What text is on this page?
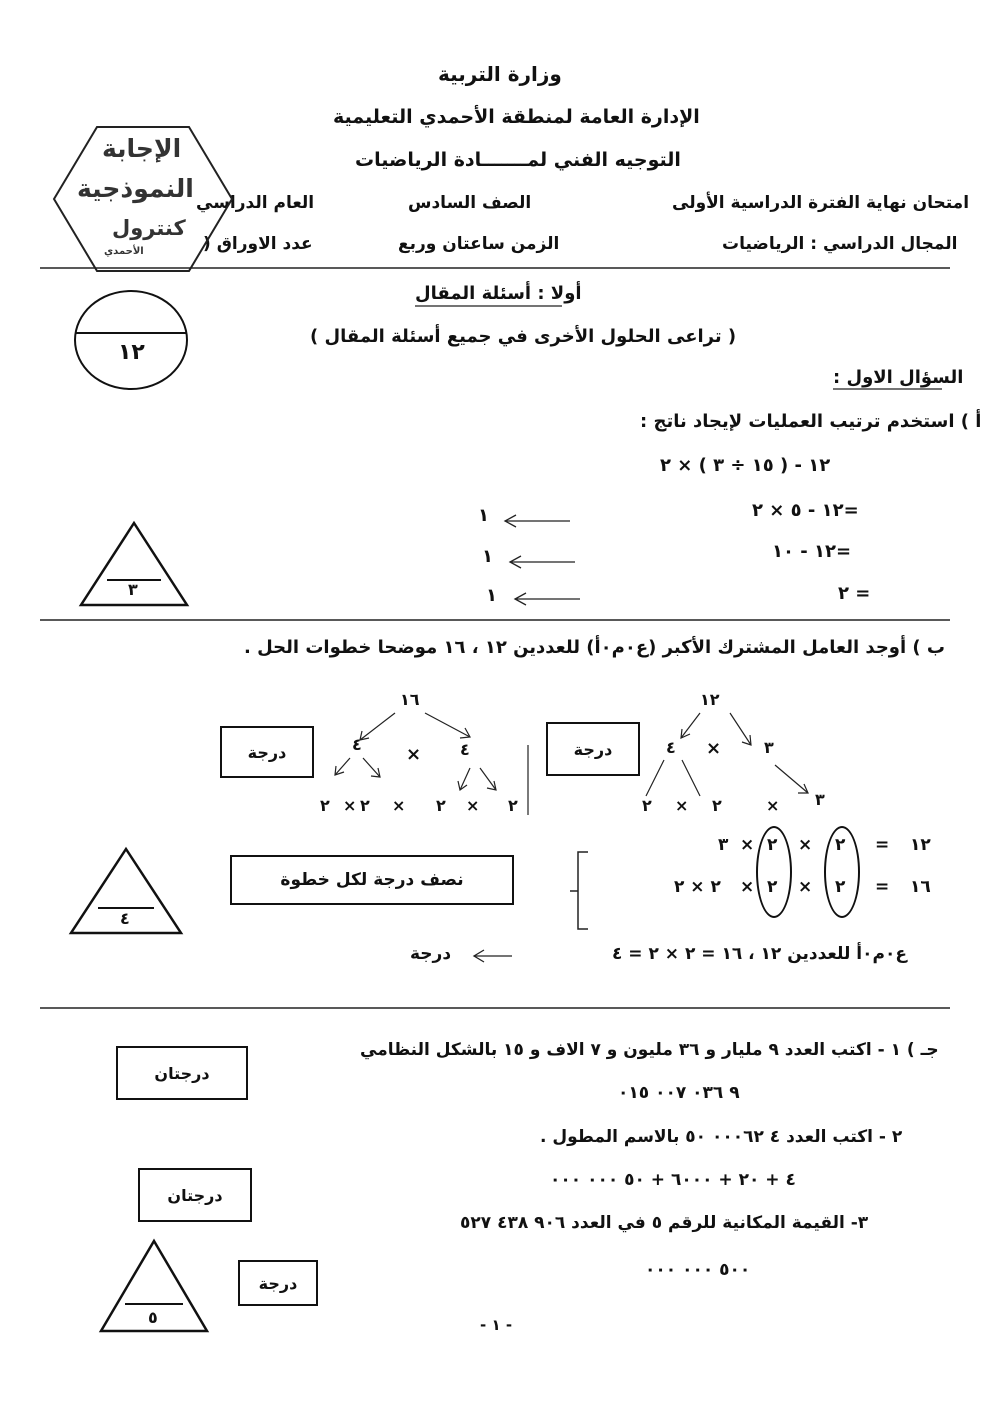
وزارة التربية
الإدارة العامة لمنطقة الأحمدي التعليمية
التوجيه الفني لمـــــــادة الرياضيات
امتحان نهاية الفترة الدراسية الأولى
الصف السادس
العام الدراسي
المجال الدراسي : الرياضيات
الزمن ساعتان وربع
عدد الاوراق (
الإجابة
النموذجية
كنترول
الأحمدي
١٢
أولا : أسئلة المقال
( تراعى الحلول الأخرى في جميع أسئلة المقال )
السؤال الاول :
أ ) استخدم ترتيب العمليات لإيجاد ناتج :
١٢ - ( ١٥ ÷ ٣ ) × ٢
=١٢ - ٥ × ٢
=١٢ - ١٠
= ٢
١
١
١
٣
ب ) أوجد العامل المشترك الأكبر (ع٠م٠أ) للعددين ١٢ ، ١٦ موضحا خطوات الحل .
١٢
٤ ×	٣
٢ × ٢	× ٣
١٦
٤ × ٤
٢ × ٢ × ٢ × ٢
درجة	درجة
١٢
=
٢
×
٢
×
٣
١٦
=
٢
×
٢
×
٢ × ٢
نصف درجة لكل خطوة
ع٠م٠أ للعددين ١٢ ، ١٦ = ٢ × ٢ = ٤
درجة
٤
جـ ) ١ - اكتب العدد ٩ مليار و ٣٦ مليون و ٧ الاف و ١٥ بالشكل النظامي
٩ ٠٣٦ ٠٠٧ ٠١٥
درجتان
٢ - اكتب العدد ٤ ٠٠٠٦٢ ٥٠ بالاسم المطول .
٤ + ٢٠ + ٦٠٠٠ + ٥٠ ٠٠٠ ٠٠٠
درجتان
٣- القيمة المكانية للرقم ٥ في العدد ٩٠٦ ٤٣٨ ٥٢٧
٥٠٠ ٠٠٠ ٠٠٠
درجة
٥	- ١ -
